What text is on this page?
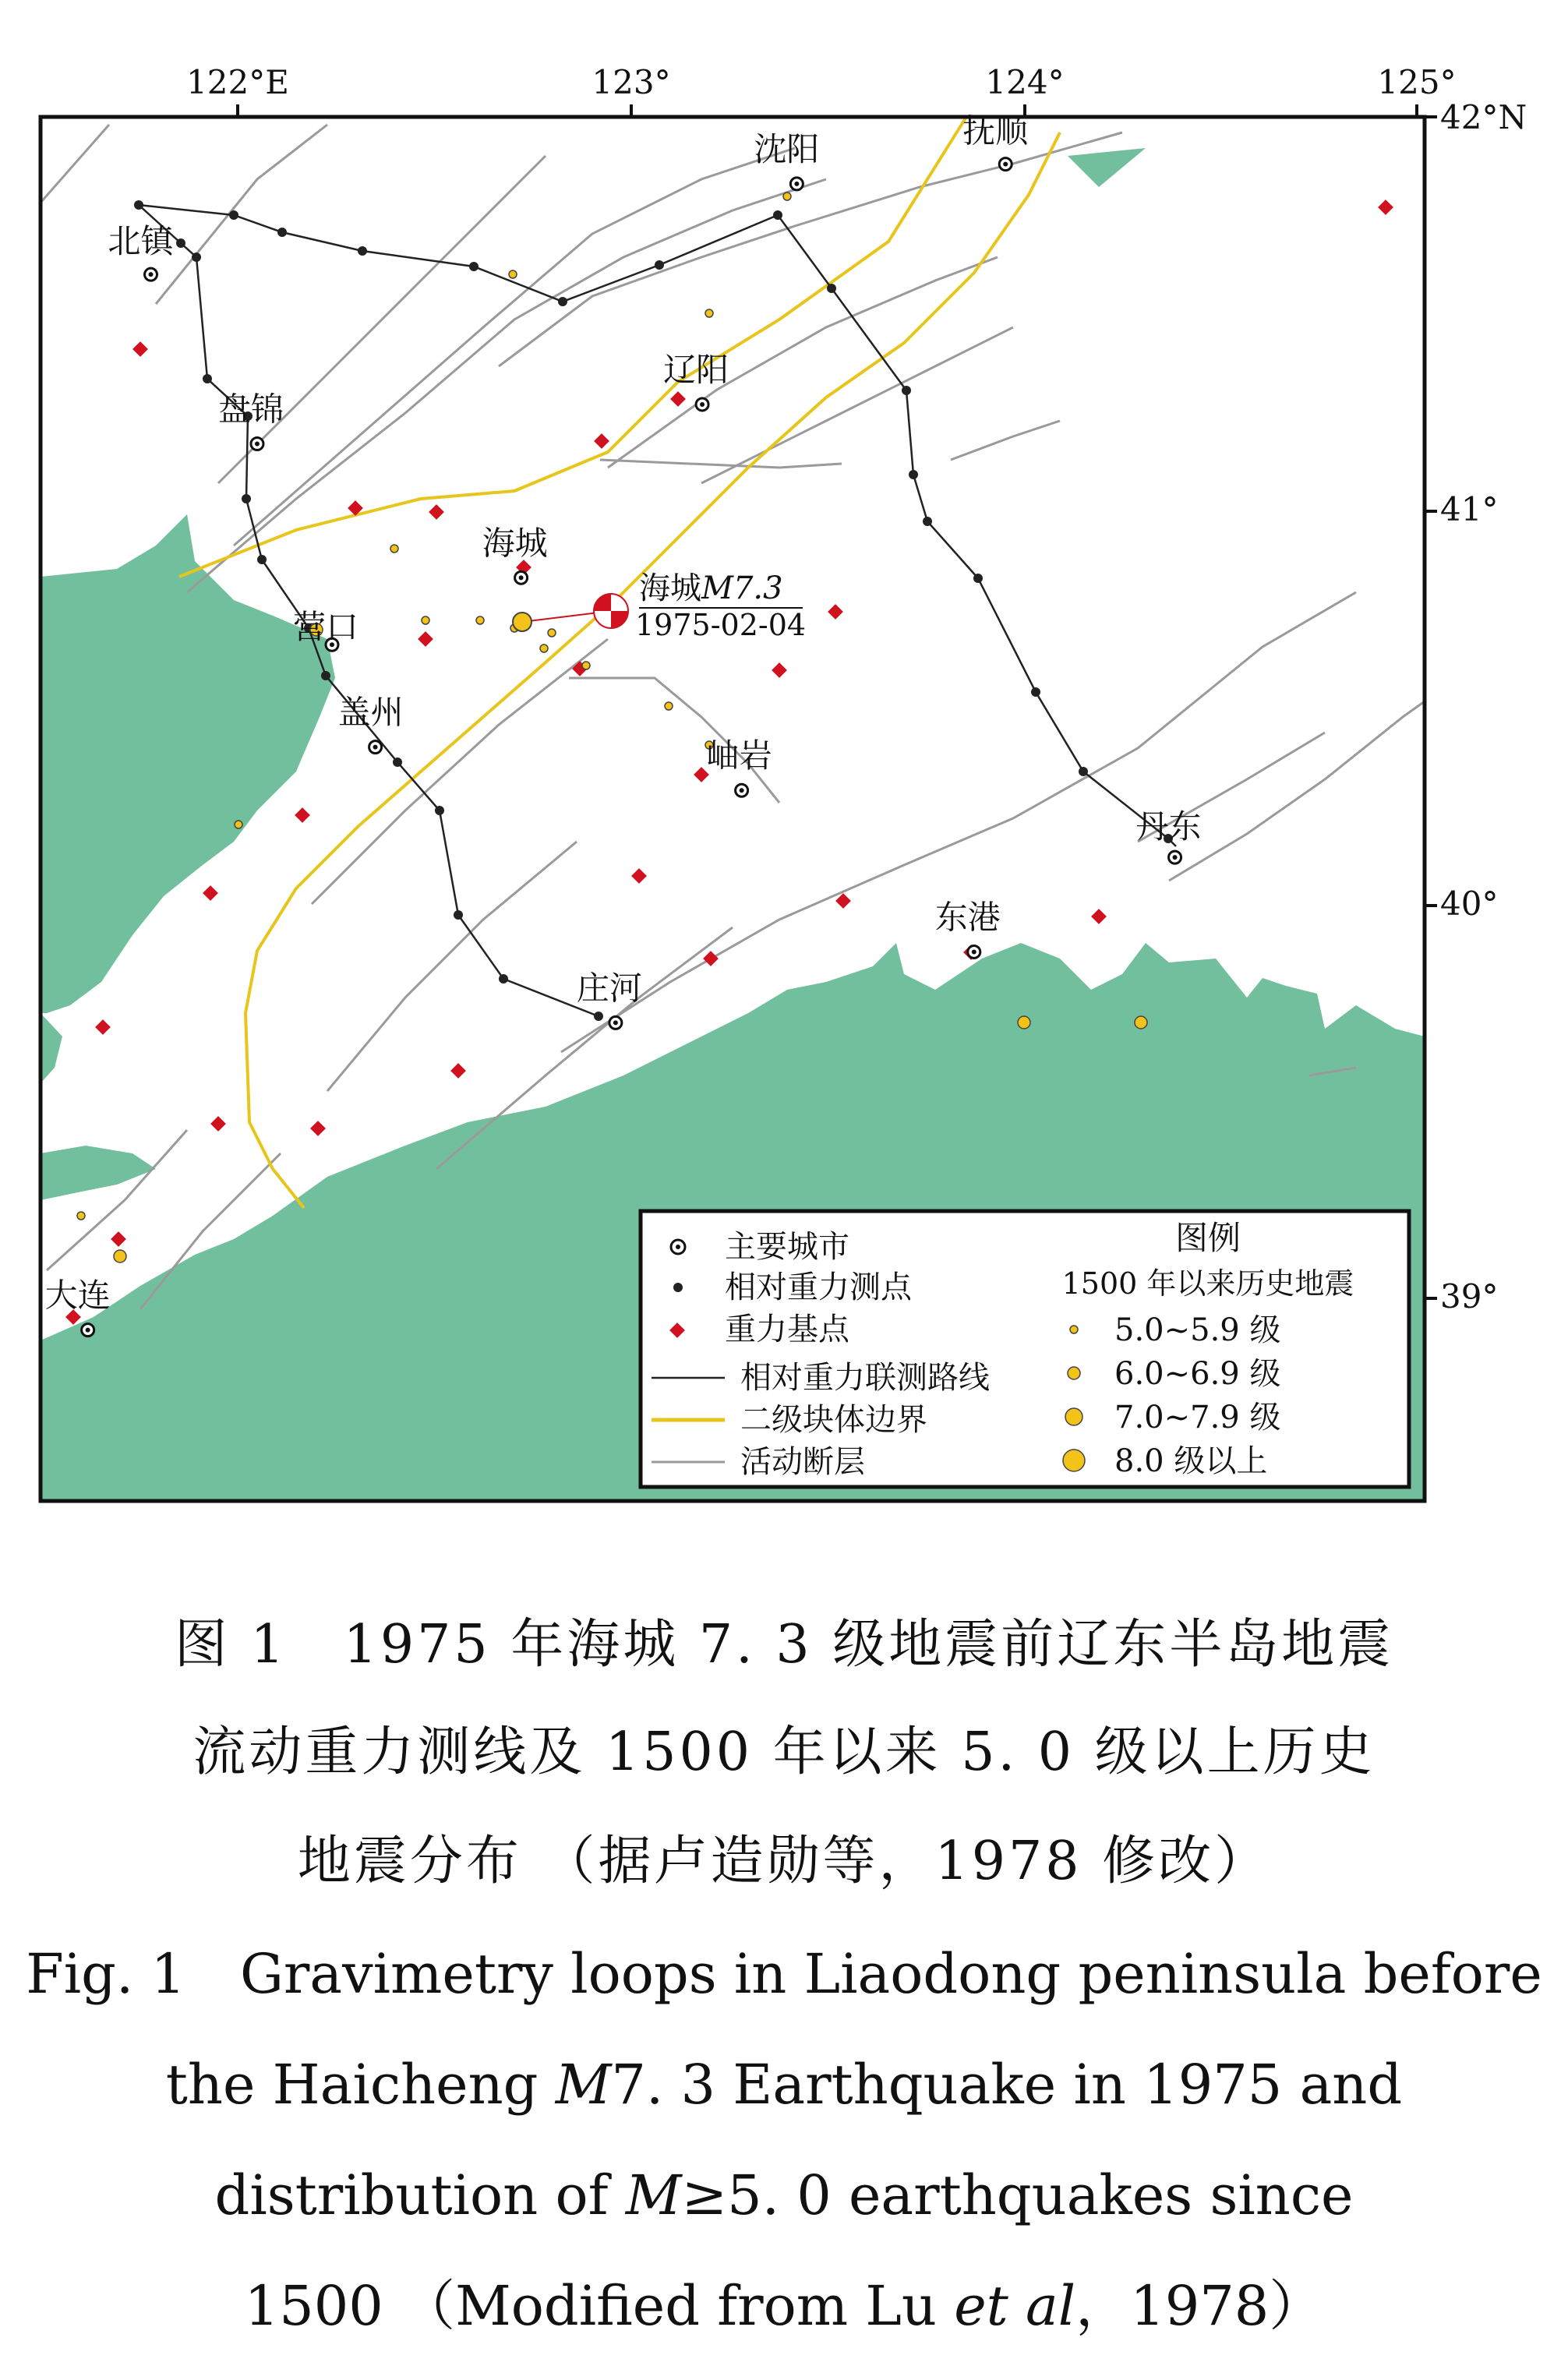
沈阳	抚顺
北镇
盘锦
辽阳
海城
营口
岫岩
盖州
丹东
东港
庄河
大连
海城M7.3
1975-02-04
主要城市
相对重力测点
重力基点
相对重力联测路线
二级块体边界
活动断层
图例
1500 年以来历史地震
5.0~5.9 级
6.0~6.9 级
7.0~7.9 级
8.0 级以上
122°E	123°	124°	125°
42°N
41°
40°
39°
图 1　1975 年海城 7. 3 级地震前辽东半岛地震
流动重力测线及 1500 年以来 5. 0 级以上历史
地震分布 （据卢造勋等，1978 修改）
Fig. 1　Gravimetry loops in Liaodong peninsula before
the Haicheng M7. 3 Earthquake in 1975 and
distribution of M≥5. 0 earthquakes since
1500 （Modified from Lu et al，1978）
